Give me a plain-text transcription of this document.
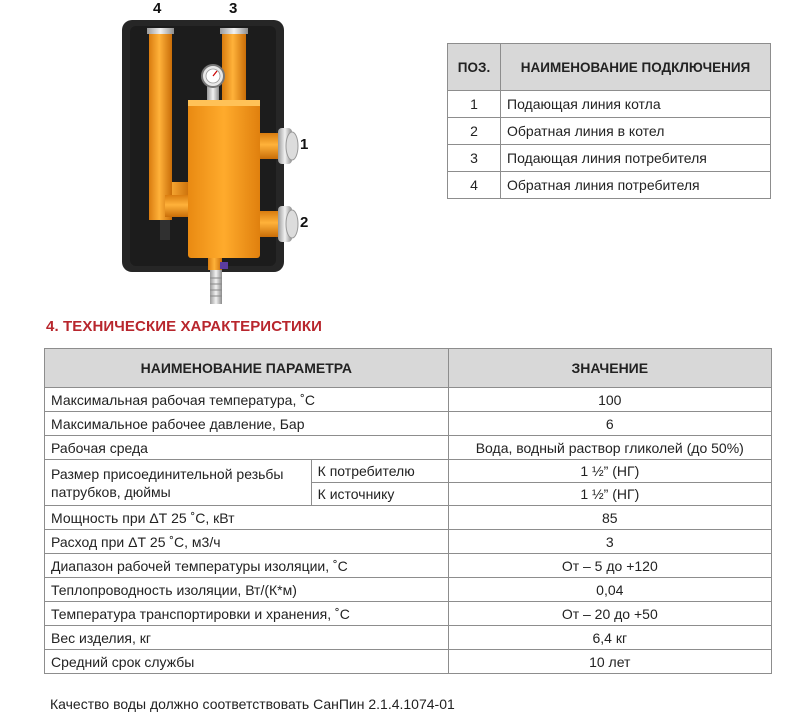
4	3
1
2
ПОЗ.	НАИМЕНОВАНИЕ ПОДКЛЮЧЕНИЯ
1	Подающая линия котла
2	Обратная линия в котел
3	Подающая линия потребителя
4	Обратная линия потребителя
4. ТЕХНИЧЕСКИЕ ХАРАКТЕРИСТИКИ
НАИМЕНОВАНИЕ ПАРАМЕТРА		ЗНАЧЕНИЕ
Максимальная рабочая температура, ˚С		100
Максимальное рабочее давление, Бар		6
Рабочая среда		Вода, водный раствор гликолей (до 50%)
Размер присоединительной резьбы патрубков, дюймы	К потребителю	1 ½” (НГ)
	К источнику	1 ½” (НГ)
Мощность при ΔТ 25 ˚С, кВт		85
Расход при ΔТ 25 ˚С, м3/ч		3
Диапазон рабочей температуры изоляции, ˚С		От – 5 до +120
Теплопроводность изоляции, Вт/(К*м)		0,04
Температура транспортировки и хранения, ˚С		От – 20 до +50
Вес изделия, кг		6,4 кг
Средний срок службы		10 лет

Качество воды должно соответствовать СанПин 2.1.4.1074-01
